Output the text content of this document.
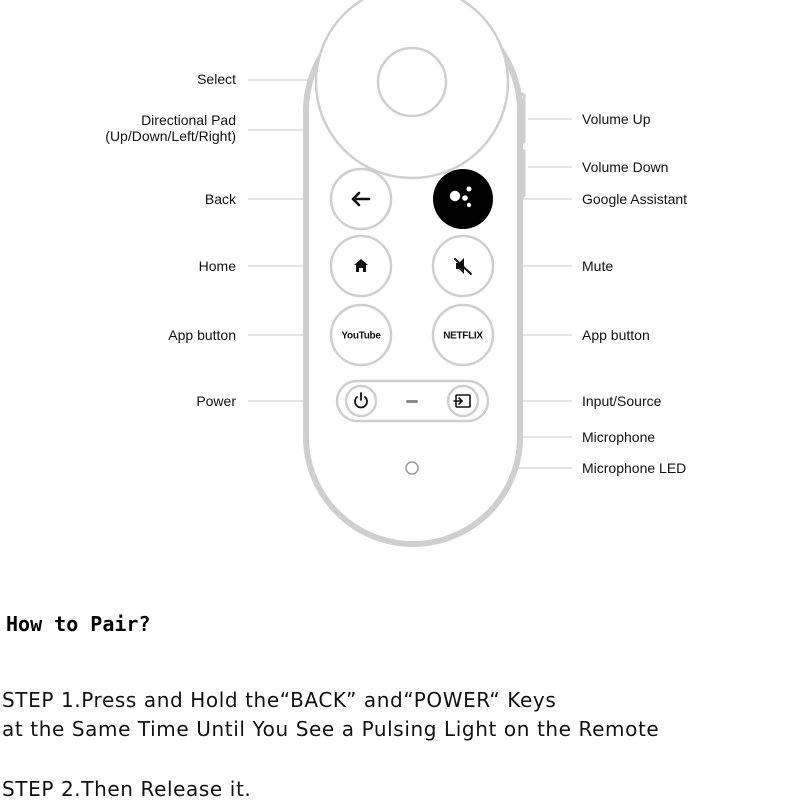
YouTube	NETFLIX
Select
Directional Pad
(Up/Down/Left/Right)
Back
Home
App button
Power
Volume Up
Volume Down
Google Assistant
Mute
App button
Input/Source
Microphone
Microphone LED
How to Pair?
STEP 1.Press and Hold the“BACK” and“POWER“ Keys
at the Same Time Until You See a Pulsing Light on the Remote
STEP 2.Then Release it.
